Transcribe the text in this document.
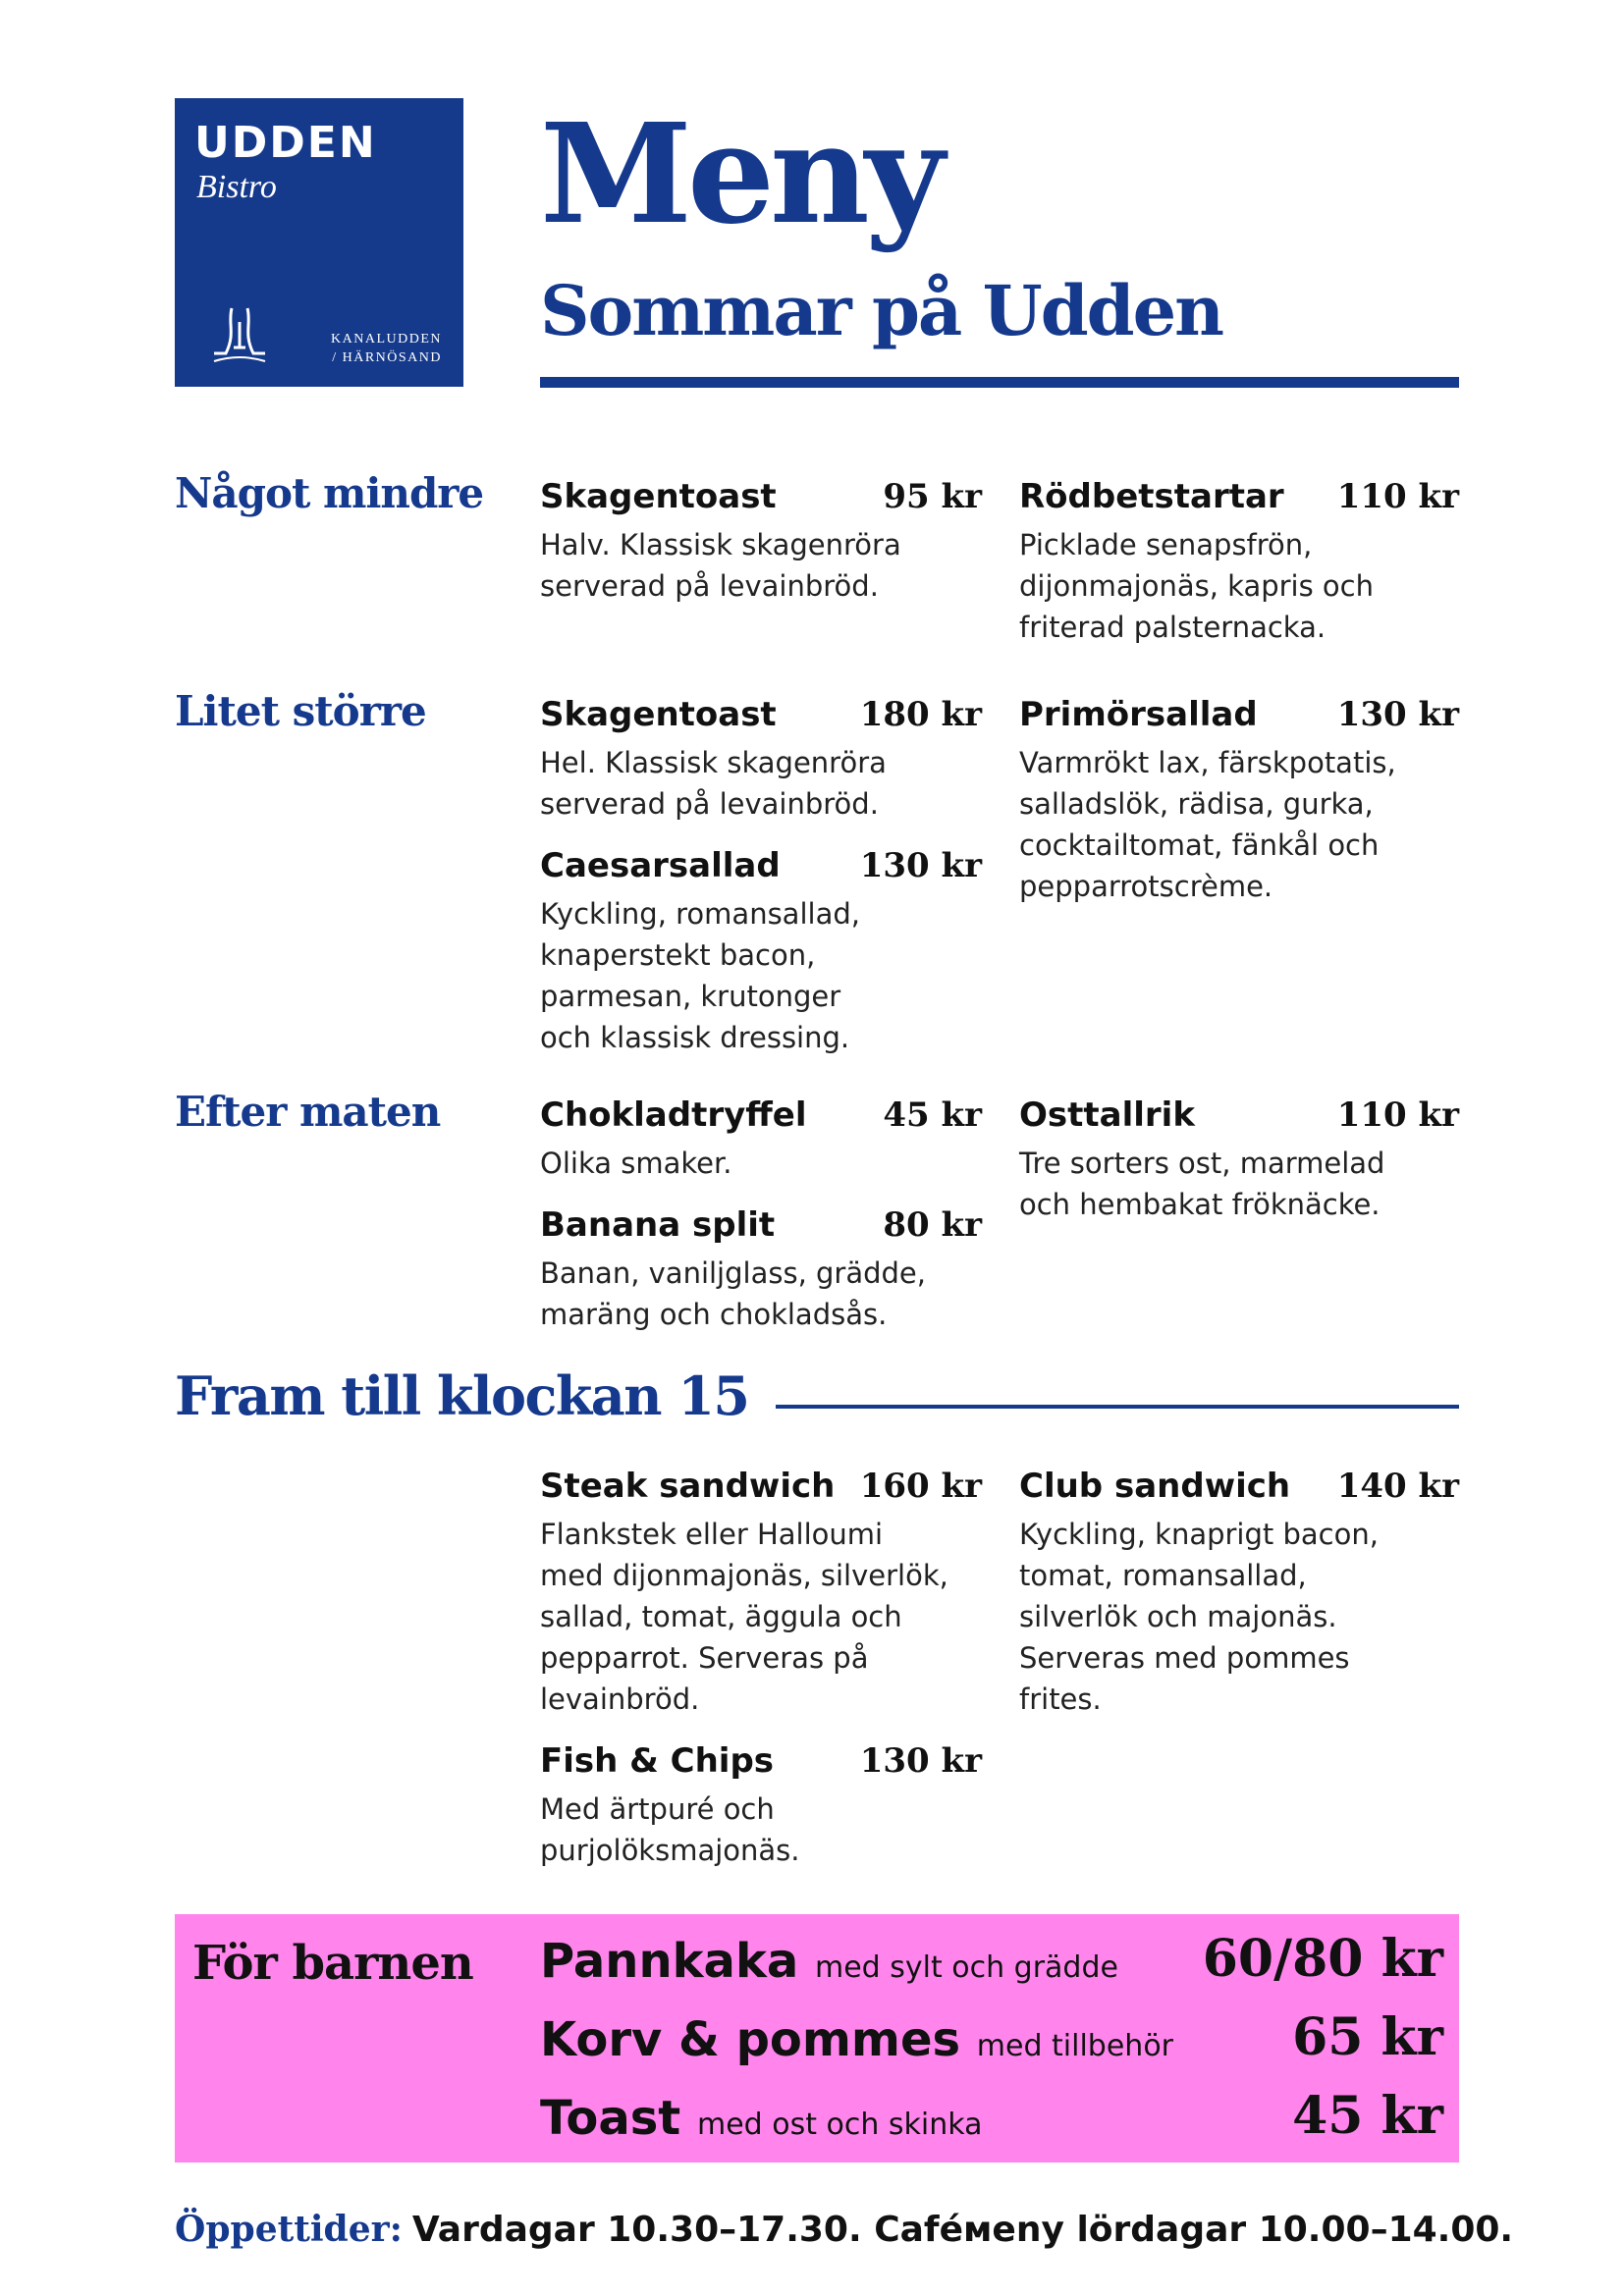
UDDEN
Bistro
KANALUDDEN
/ HÄRNÖSAND
Meny
Sommar på Udden
Något mindre Skagentoast	95 kr
Halv. Klassisk skagenröra
serverad på levainbröd.
Rödbetstartar 110 kr
Picklade senapsfrön,
dijonmajonäs, kapris och
friterad palsternacka.
Litet större	Skagentoast	180 kr
Hel. Klassisk skagenröra
serverad på levainbröd.
Caesarsallad 130 kr
Kyckling, romansallad,
knaperstekt bacon,
parmesan, krutonger
och klassisk dressing.
Primörsallad 130 kr
Varmrökt lax, färskpotatis,
salladslök, rädisa, gurka,
cocktailtomat, fänkål och
pepparrotscrème.
Efter maten	Chokladtryffel 45 kr
Olika smaker.
Banana split	80 kr
Banan, vaniljglass, grädde,
maräng och chokladsås.
Osttallrik	110 kr
Tre sorters ost, marmelad
och hembakat fröknäcke.
Fram till klockan 15
Steak sandwich 160 kr
Flankstek eller Halloumi
med dijonmajonäs, silverlök,
sallad, tomat, äggula och
pepparrot. Serveras på
levainbröd.
Fish & Chips	130 kr
Med ärtpuré och
purjolöksmajonäs.
Club sandwich 140 kr
Kyckling, knaprigt bacon,
tomat, romansallad,
silverlök och majonäs.
Serveras med pommes
frites.
För barnen Pannkaka med sylt och grädde 60/80 kr
Korv & pommes med tillbehör 65 kr
Toast med ost och skinka	45 kr
Öppettider: Vardagar 10.30–17.30. Caféмeny lördagar 10.00–14.00.
